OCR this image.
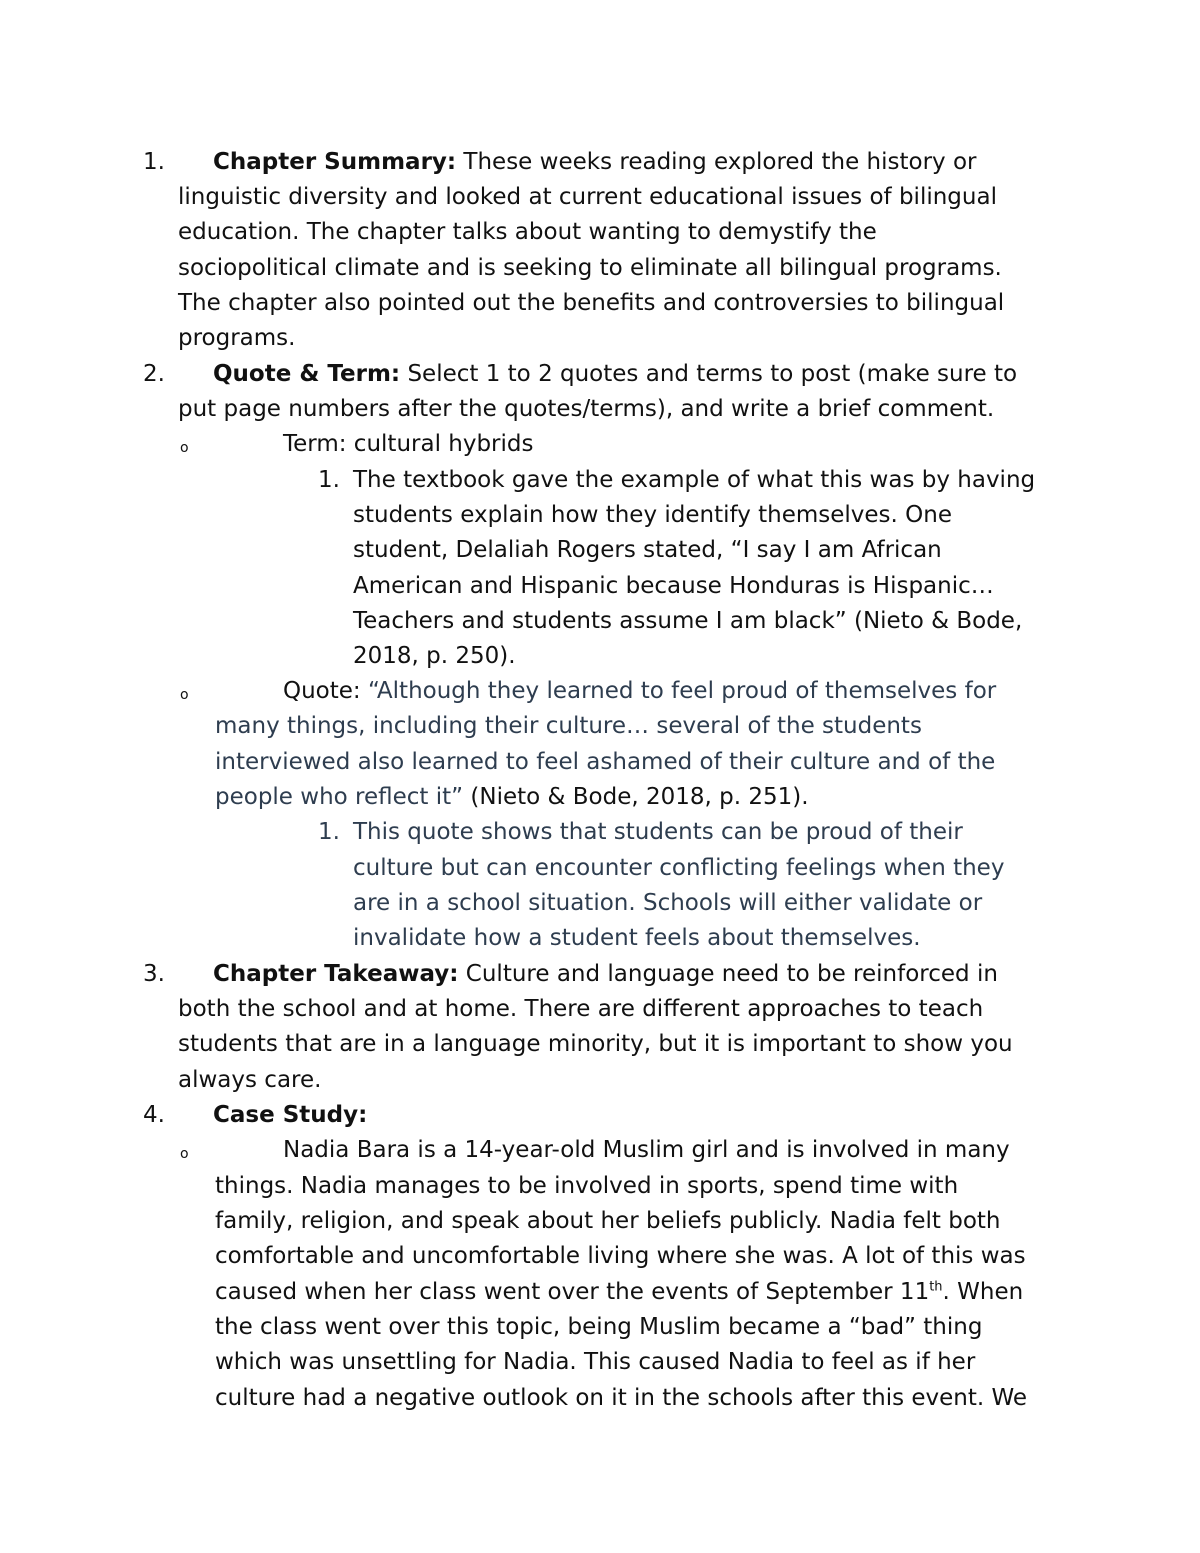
1. Chapter Summary: These weeks reading explored the history or
linguistic diversity and looked at current educational issues of bilingual
education. The chapter talks about wanting to demystify the
sociopolitical climate and is seeking to eliminate all bilingual programs.
The chapter also pointed out the benefits and controversies to bilingual
programs.
2. Quote & Term: Select 1 to 2 quotes and terms to post (make sure to
put page numbers after the quotes/terms), and write a brief comment.
o	Term: cultural hybrids
1. The textbook gave the example of what this was by having
students explain how they identify themselves. One
student, Delaliah Rogers stated, “I say I am African
American and Hispanic because Honduras is Hispanic…
Teachers and students assume I am black” (Nieto & Bode,
2018, p. 250).
o	Quote: “Although they learned to feel proud of themselves for
many things, including their culture… several of the students
interviewed also learned to feel ashamed of their culture and of the
people who reflect it” (Nieto & Bode, 2018, p. 251).
1. This quote shows that students can be proud of their
culture but can encounter conflicting feelings when they
are in a school situation. Schools will either validate or
invalidate how a student feels about themselves.
3. Chapter Takeaway: Culture and language need to be reinforced in
both the school and at home. There are different approaches to teach
students that are in a language minority, but it is important to show you
always care.
4. Case Study:
o	Nadia Bara is a 14-year-old Muslim girl and is involved in many
things. Nadia manages to be involved in sports, spend time with
family, religion, and speak about her beliefs publicly. Nadia felt both
comfortable and uncomfortable living where she was. A lot of this was
caused when her class went over the events of September 11th. When
the class went over this topic, being Muslim became a “bad” thing
which was unsettling for Nadia. This caused Nadia to feel as if her
culture had a negative outlook on it in the schools after this event. We
